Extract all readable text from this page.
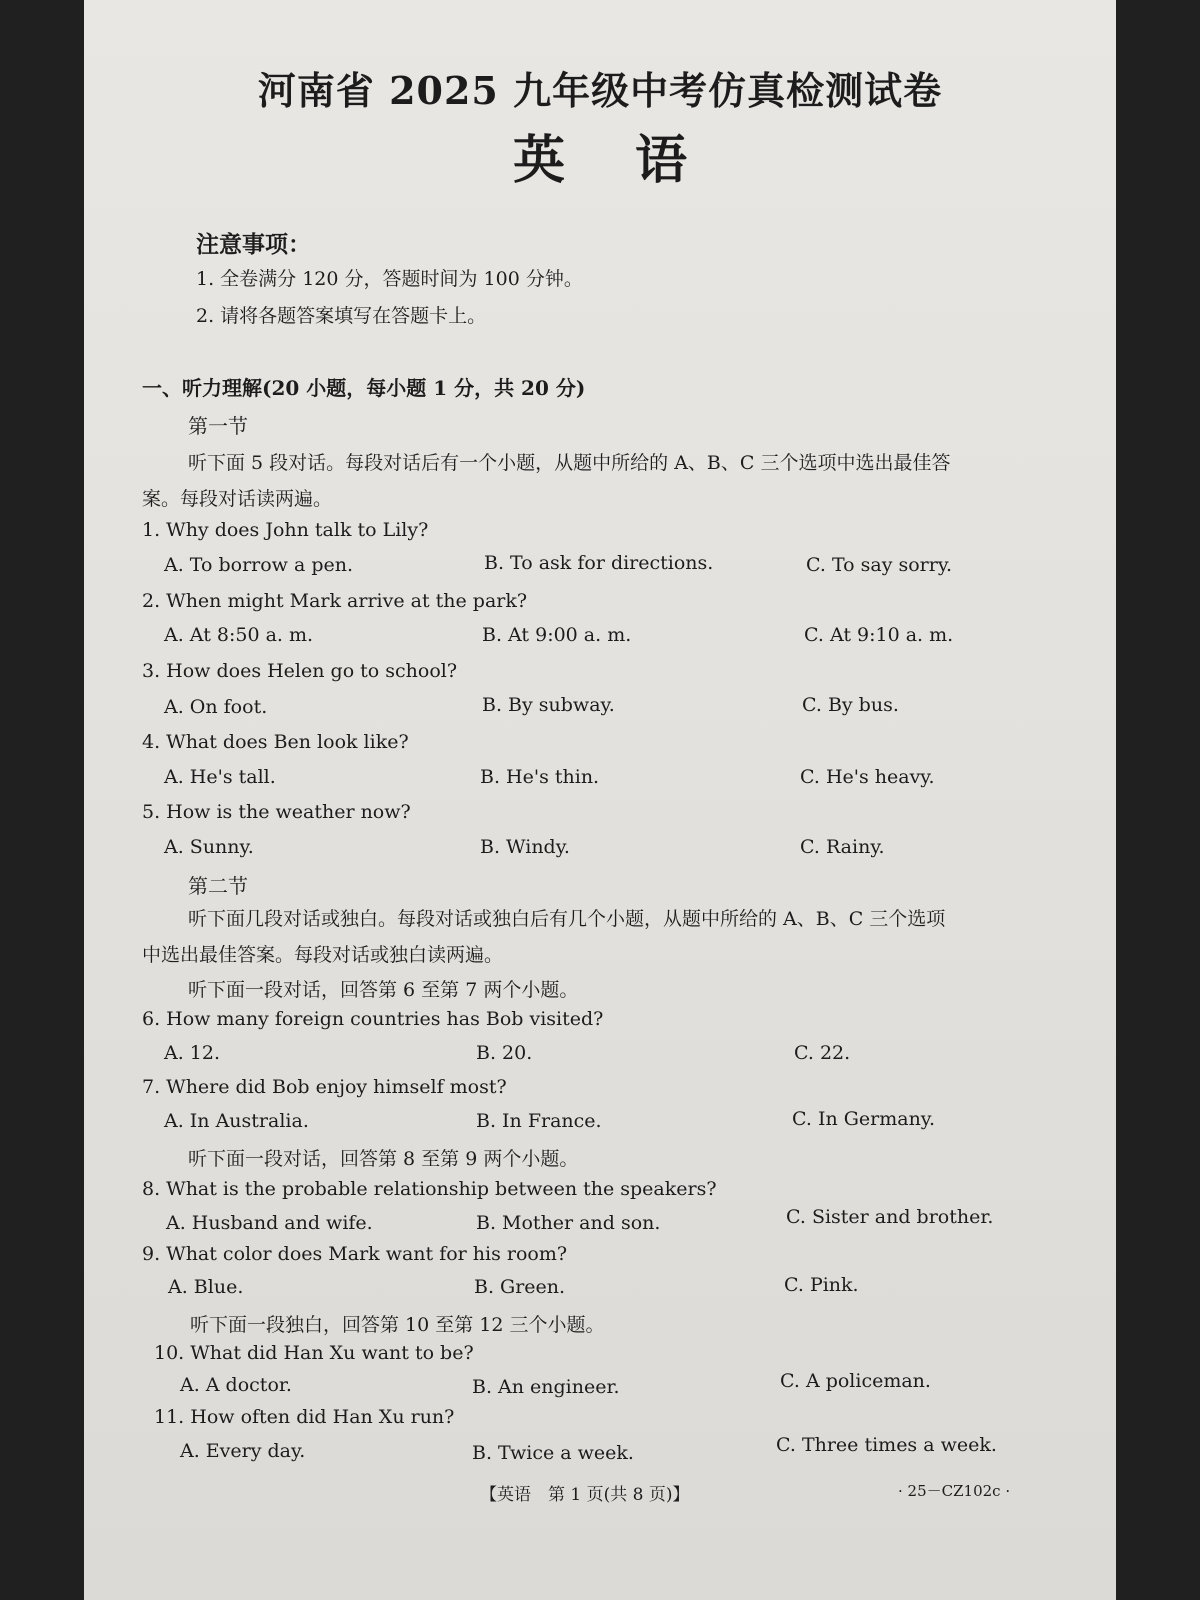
河南省 2025 九年级中考仿真检测试卷
英语
注意事项：
1. 全卷满分 120 分，答题时间为 100 分钟。
2. 请将各题答案填写在答题卡上。
一、听力理解(20 小题，每小题 1 分，共 20 分)
第一节
听下面 5 段对话。每段对话后有一个小题，从题中所给的 A、B、C 三个选项中选出最佳答
案。每段对话读两遍。
1. Why does John talk to Lily?
A. To borrow a pen.	B. To ask for directions.	C. To say sorry.
2. When might Mark arrive at the park?
A. At 8:50 a. m.	B. At 9:00 a. m.	C. At 9:10 a. m.
3. How does Helen go to school?
A. On foot.	B. By subway.	C. By bus.
4. What does Ben look like?
A. He's tall.	B. He's thin.	C. He's heavy.
5. How is the weather now?
A. Sunny.	B. Windy.	C. Rainy.
第二节
听下面几段对话或独白。每段对话或独白后有几个小题，从题中所给的 A、B、C 三个选项
中选出最佳答案。每段对话或独白读两遍。
听下面一段对话，回答第 6 至第 7 两个小题。
6. How many foreign countries has Bob visited?
A. 12.	B. 20.	C. 22.
7. Where did Bob enjoy himself most?
A. In Australia.	B. In France.	C. In Germany.
听下面一段对话，回答第 8 至第 9 两个小题。
8. What is the probable relationship between the speakers?
A. Husband and wife.	B. Mother and son.	C. Sister and brother.
9. What color does Mark want for his room?
A. Blue.	B. Green.	C. Pink.
听下面一段独白，回答第 10 至第 12 三个小题。
10. What did Han Xu want to be?
A. A doctor.	B. An engineer.	C. A policeman.
11. How often did Han Xu run?
A. Every day.	B. Twice a week.	C. Three times a week.
【英语　第 1 页(共 8 页)】	· 25－CZ102c ·
